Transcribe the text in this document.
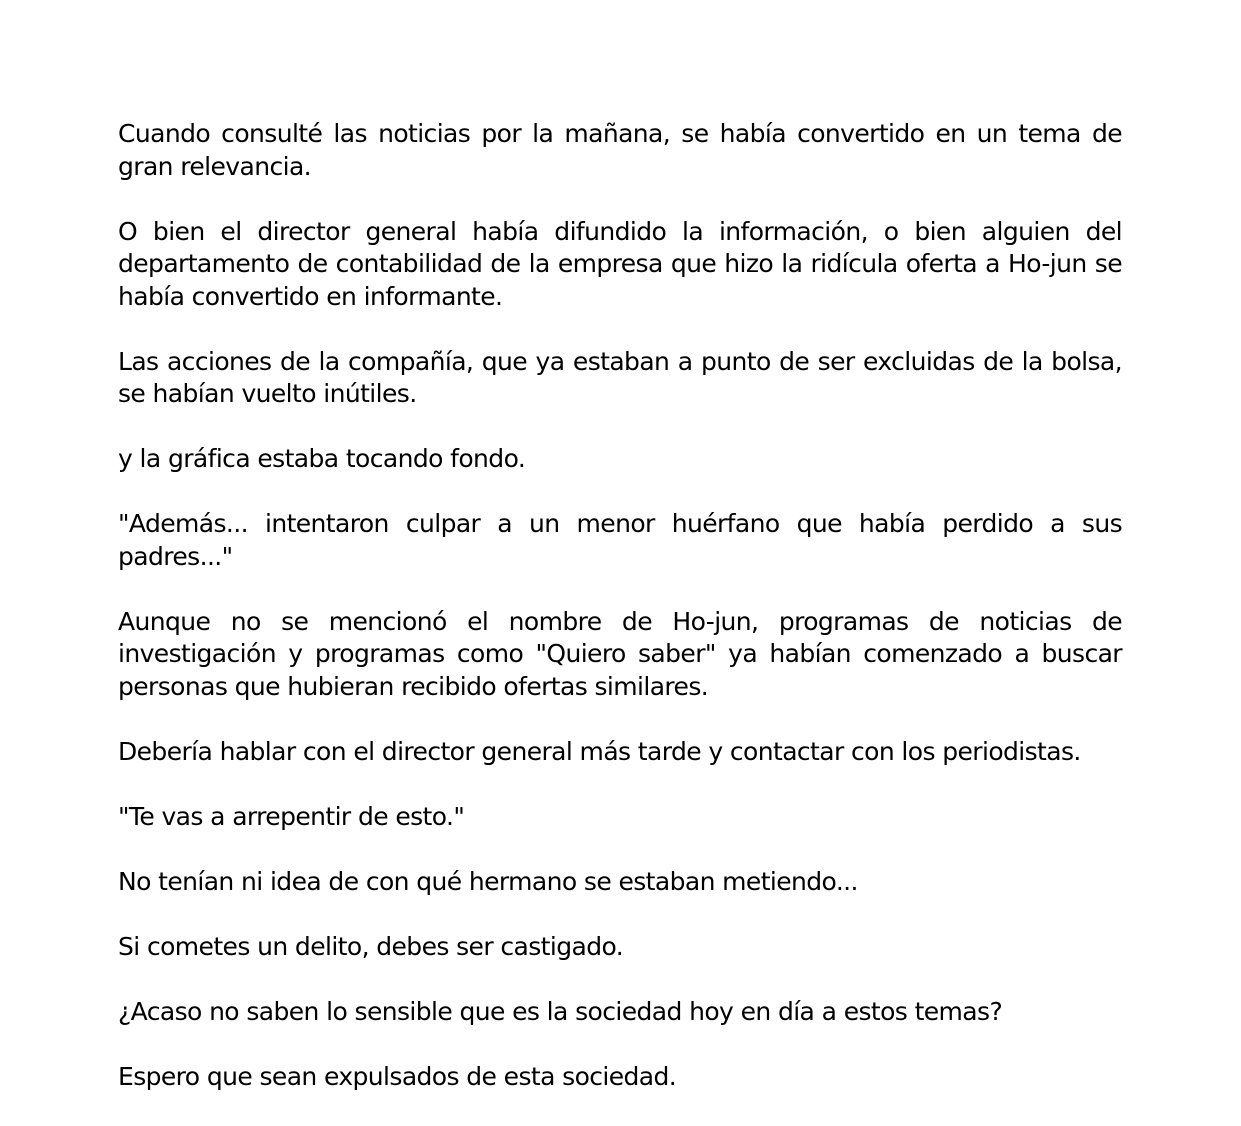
Cuando consulté las noticias por la mañana, se había convertido en un tema de gran relevancia.

O bien el director general había difundido la información, o bien alguien del departamento de contabilidad de la empresa que hizo la ridícula oferta a Ho-jun se había convertido en informante.

Las acciones de la compañía, que ya estaban a punto de ser excluidas de la bolsa, se habían vuelto inútiles.

y la gráfica estaba tocando fondo.

"Además... intentaron culpar a un menor huérfano que había perdido a sus padres..."

Aunque no se mencionó el nombre de Ho-jun, programas de noticias de investigación y programas como "Quiero saber" ya habían comenzado a buscar personas que hubieran recibido ofertas similares.

Debería hablar con el director general más tarde y contactar con los periodistas.

"Te vas a arrepentir de esto."

No tenían ni idea de con qué hermano se estaban metiendo...

Si cometes un delito, debes ser castigado.

¿Acaso no saben lo sensible que es la sociedad hoy en día a estos temas?

Espero que sean expulsados de esta sociedad.
